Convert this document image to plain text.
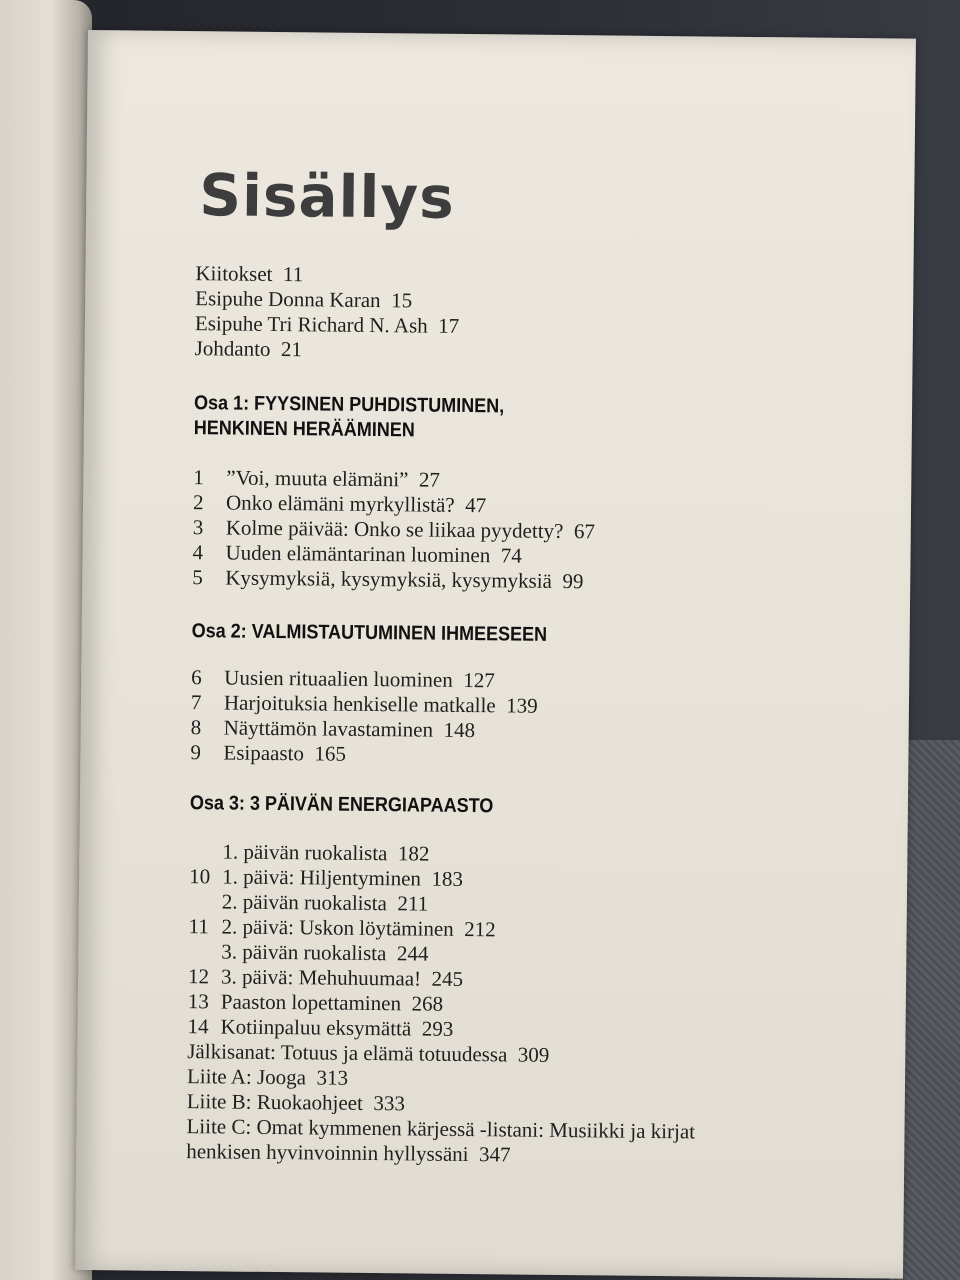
Sisällys
Kiitokset 11
Esipuhe Donna Karan 15
Esipuhe Tri Richard N. Ash 17
Johdanto 21
Osa 1: FYYSINEN PUHDISTUMINEN,
HENKINEN HERÄÄMINEN
1 ”Voi, muuta elämäni” 27
2 Onko elämäni myrkyllistä? 47
3 Kolme päivää: Onko se liikaa pyydetty? 67
4 Uuden elämäntarinan luominen 74
5 Kysymyksiä, kysymyksiä, kysymyksiä 99
Osa 2: VALMISTAUTUMINEN IHMEESEEN
6 Uusien rituaalien luominen 127
7 Harjoituksia henkiselle matkalle 139
8 Näyttämön lavastaminen 148
9 Esipaasto 165
Osa 3: 3 PÄIVÄN ENERGIAPAASTO
1. päivän ruokalista 182
10 1. päivä: Hiljentyminen 183
2. päivän ruokalista 211
11 2. päivä: Uskon löytäminen 212
3. päivän ruokalista 244
12 3. päivä: Mehuhuumaa! 245
13 Paaston lopettaminen 268
14 Kotiinpaluu eksymättä 293
Jälkisanat: Totuus ja elämä totuudessa 309
Liite A: Jooga 313
Liite B: Ruokaohjeet 333
Liite C: Omat kymmenen kärjessä -listani: Musiikki ja kirjat henkisen hyvinvoinnin hyllyssäni 347
